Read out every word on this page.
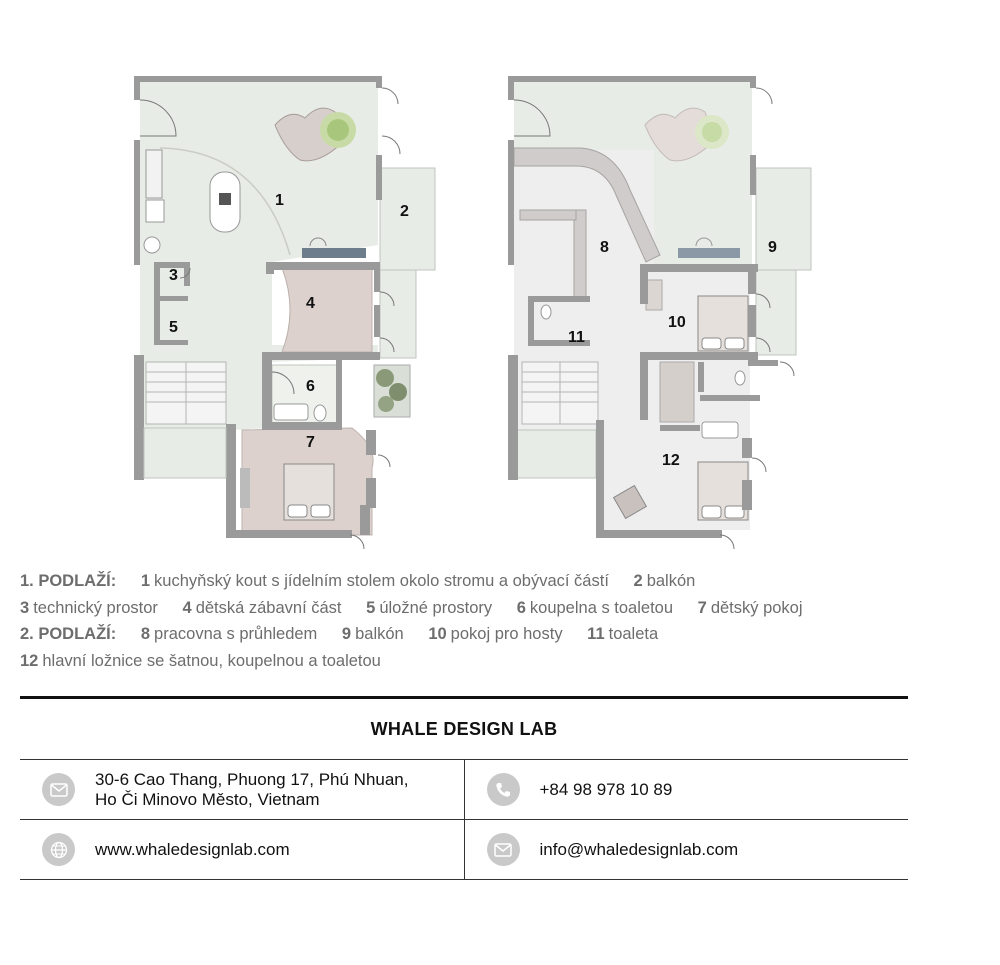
1
2
3
4
5
6
7
8	9
10
11
12
1. PODLAŽÍ: 1 kuchyňský kout s jídelním stolem okolo stromu a obývací částí 2 balkón
3 technický prostor 4 dětská zábavní část 5 úložné prostory 6 koupelna s toaletou 7 dětský pokoj
2. PODLAŽÍ: 8 pracovna s průhledem 9 balkón 10 pokoj pro hosty 11 toaleta
12 hlavní ložnice se šatnou, koupelnou a toaletou
WHALE DESIGN LAB
30-6 Cao Thang, Phuong 17, Phú Nhuan,
Ho Či Minovo Město, Vietnam
+84 98 978 10 89
www.whaledesignlab.com	info@whaledesignlab.com
